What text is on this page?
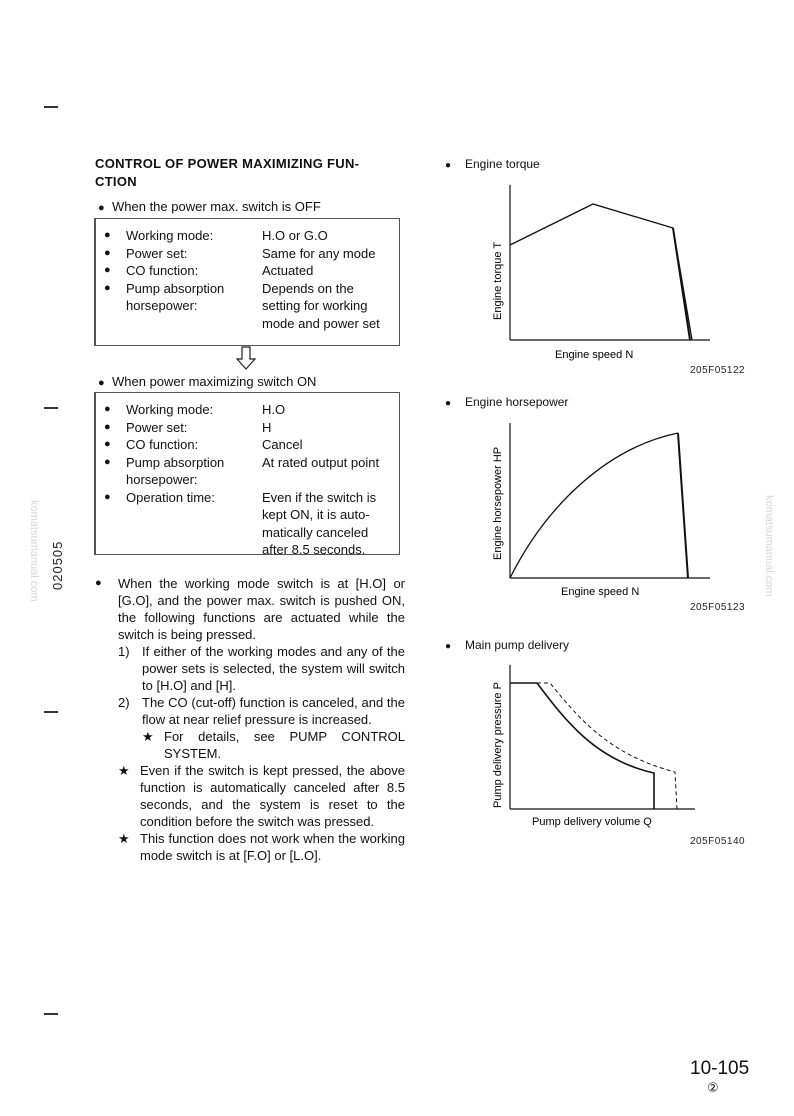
020505
komatsumanual.com	komatsumanual.com
CONTROL OF POWER MAXIMIZING FUN-
CTION
● When the power max. switch is OFF
●	Working mode:	H.O or G.O
●	Power set:	Same for any mode
●	CO function:	Actuated
●	Pump absorption	Depends on the
horsepower:	setting for working
mode and power set
● When power maximizing switch ON
●	Working mode:	H.O
●	Power set:	H
●	CO function:	Cancel
●	Pump absorption	At rated output point
horsepower:
●	Operation time:	Even if the switch is
kept ON, it is auto-
matically canceled
after 8.5 seconds.
●	When the working mode switch is at [H.O] or [G.O], and the power max. switch is pushed ON, the following functions are actuated while the switch is being pressed.
1) If either of the working modes and any of the power sets is selected, the system will switch to [H.O] and [H].
2) The CO (cut-off) function is canceled, and the flow at near relief pressure is increased.
★ For details, see PUMP CONTROL SYSTEM.
★ Even if the switch is kept pressed, the above function is automatically canceled after 8.5 seconds, and the system is reset to the condition before the switch was pressed.
★ This function does not work when the working mode switch is at [F.O] or [L.O].
● Engine torque
Engine torque T
Engine speed N
205F05122
● Engine horsepower
Engine horsepower HP
Engine speed N
205F05123
● Main pump delivery
Pump delivery pressure P
Pump delivery volume Q
205F05140
10-105
②
